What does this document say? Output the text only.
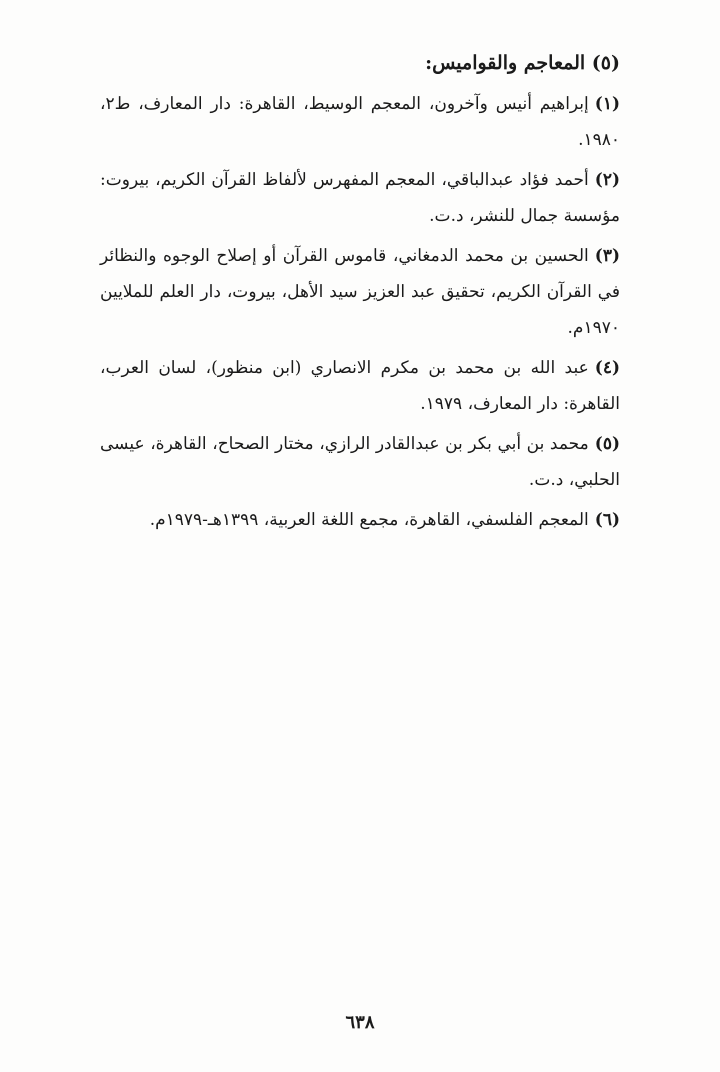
(٥) المعاجم والقواميس:
(١)إبراهيم أنيس وآخرون، المعجم الوسيط، القاهرة: دار المعارف، ط٢، ١٩٨٠.
(٢)أحمد فؤاد عبدالباقي، المعجم المفهرس لألفاظ القرآن الكريم، بيروت: مؤسسة جمال للنشر، د.ت.
(٣)الحسين بن محمد الدمغاني، قاموس القرآن أو إصلاح الوجوه والنظائر في القرآن الكريم، تحقيق عبد العزيز سيد الأهل، بيروت، دار العلم للملايين ١٩٧٠م.
(٤)عبد الله بن محمد بن مكرم الانصاري (ابن منظور)، لسان العرب، القاهرة: دار المعارف، ١٩٧٩.
(٥)محمد بن أبي بكر بن عبدالقادر الرازي، مختار الصحاح، القاهرة، عيسى الحلبي، د.ت.
(٦)المعجم الفلسفي، القاهرة، مجمع اللغة العربية، ١٣٩٩هـ-١٩٧٩م.
٦٣٨
